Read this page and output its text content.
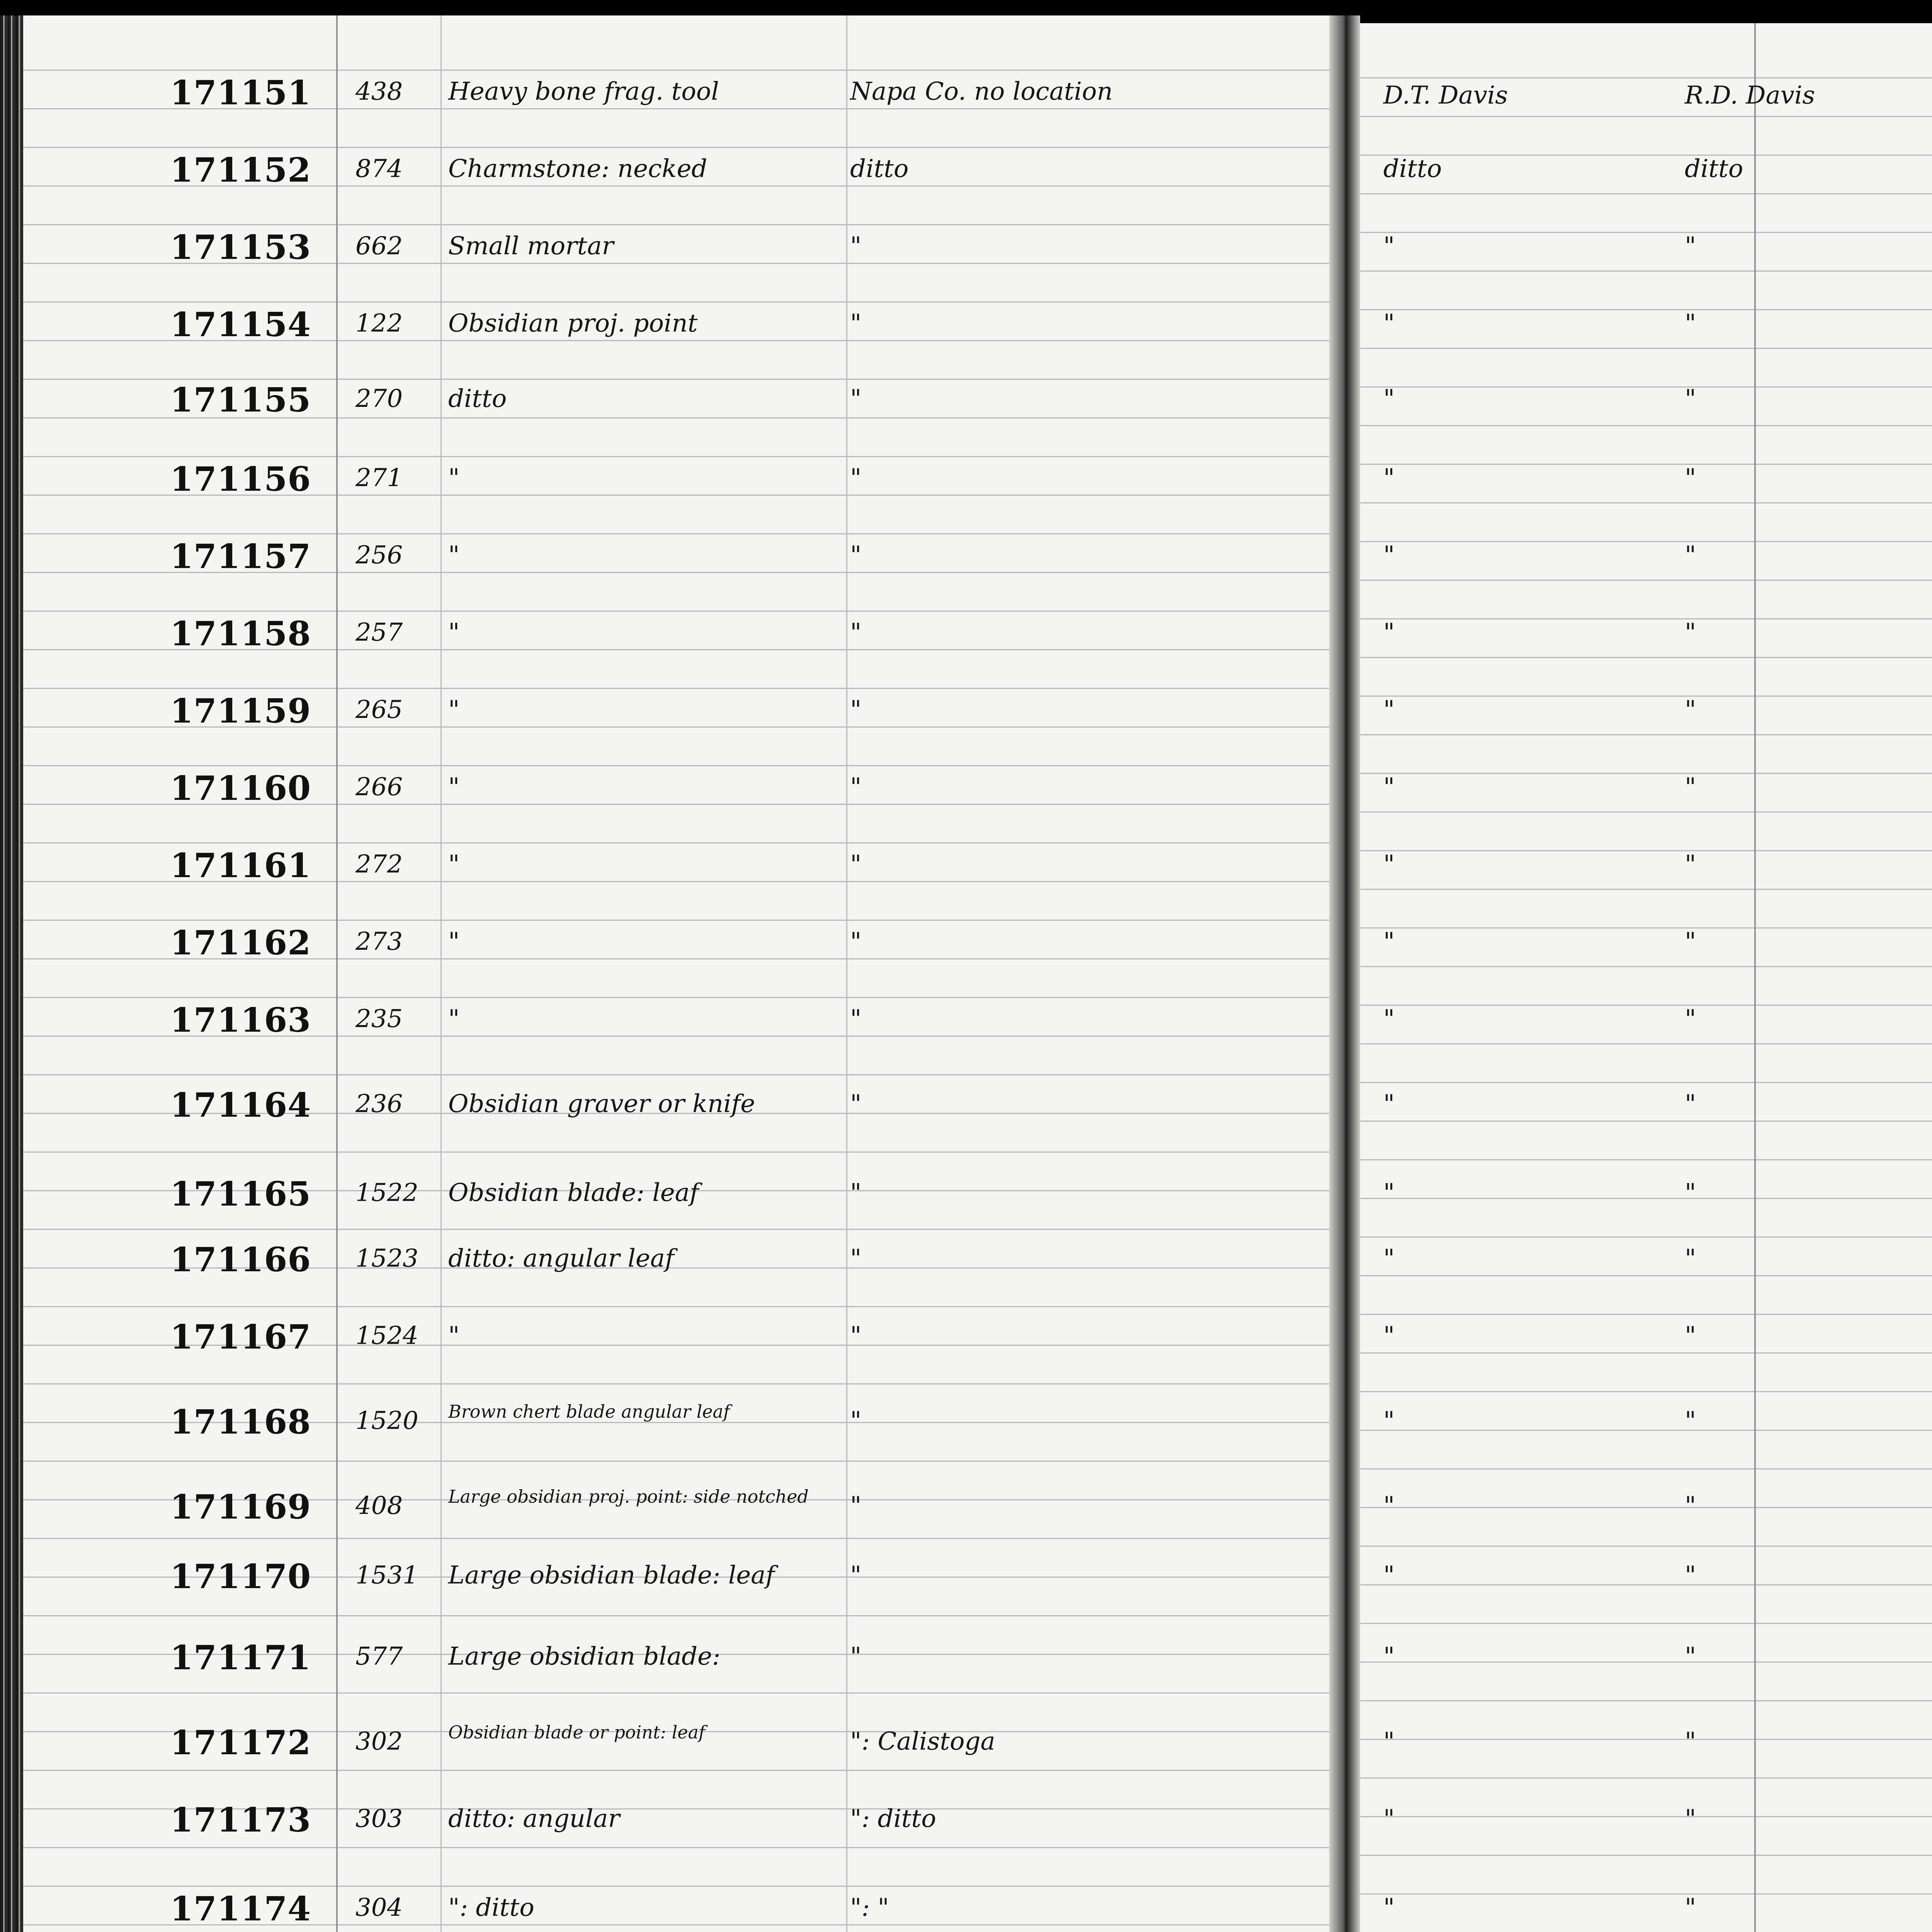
171151 438 Heavy bone frag. tool	Napa Co. no location	D.T. Davis	R.D. Davis
171152 874 Charmstone: necked	ditto	ditto	ditto
171153 662 Small mortar	"	"	"
171154 122 Obsidian proj. point	"	"	"
171155 270 ditto	"	"	"
171156 271 "	"	"	"
171157 256 "	"	"	"
171158 257 "	"	"	"
171159 265 "	"	"	"
171160 266 "	"	"	"
171161 272 "	"	"	"
171162 273 "	"	"	"
171163 235 "	"	"	"
171164 236 Obsidian graver or knife	"	"	"
171165 1522 Obsidian blade: leaf	"	"	"
171166 1523 ditto: angular leaf	"	"	"
171167 1524 "	"	"	"
171168 1520 Brown chert blade angular leaf	"	"	"
171169 408	Large obsidian proj. point: side notched	"	"	"
171170 1531 Large obsidian blade: leaf	"	"	"
171171 577 Large obsidian blade:	"	"	"
171172 302	Obsidian blade or point: leaf	": Calistoga	"	"
171173 303 ditto: angular	": ditto	"	"
171174 304 ": ditto	": "	"	"
